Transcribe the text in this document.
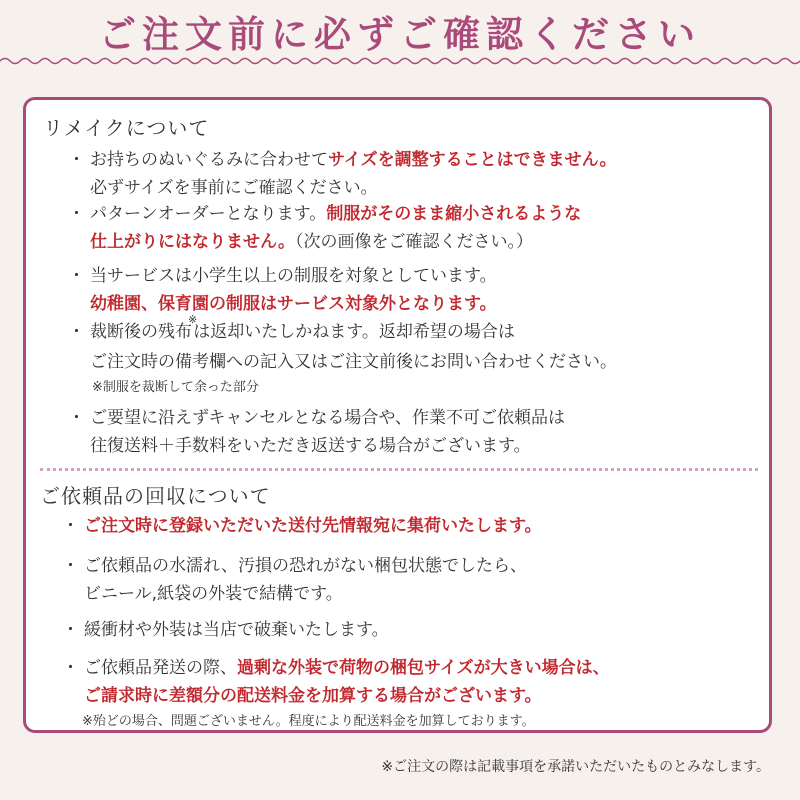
ご注文前に必ずご確認ください
リメイクについて
・ お持ちのぬいぐるみに合わせてサイズを調整することはできません。
必ずサイズを事前にご確認ください。
・ パターンオーダーとなります。制服がそのまま縮小されるような
仕上がりにはなりません。（次の画像をご確認ください。）
・ 当サービスは小学生以上の制服を対象としています。
幼稚園、保育園の制服はサービス対象外となります。
・ 裁断後の残布※は返却いたしかねます。返却希望の場合は
ご注文時の備考欄への記入又はご注文前後にお問い合わせください。
※制服を裁断して余った部分
・ ご要望に沿えずキャンセルとなる場合や、作業不可ご依頼品は
往復送料＋手数料をいただき返送する場合がございます。
ご依頼品の回収について
・ ご注文時に登録いただいた送付先情報宛に集荷いたします。
・ ご依頼品の水濡れ、汚損の恐れがない梱包状態でしたら、
ビニール,紙袋の外装で結構です。
・ 緩衝材や外装は当店で破棄いたします。
・ ご依頼品発送の際、過剰な外装で荷物の梱包サイズが大きい場合は、
ご請求時に差額分の配送料金を加算する場合がございます。
※殆どの場合、問題ございません。程度により配送料金を加算しております。
※ご注文の際は記載事項を承諾いただいたものとみなします。
